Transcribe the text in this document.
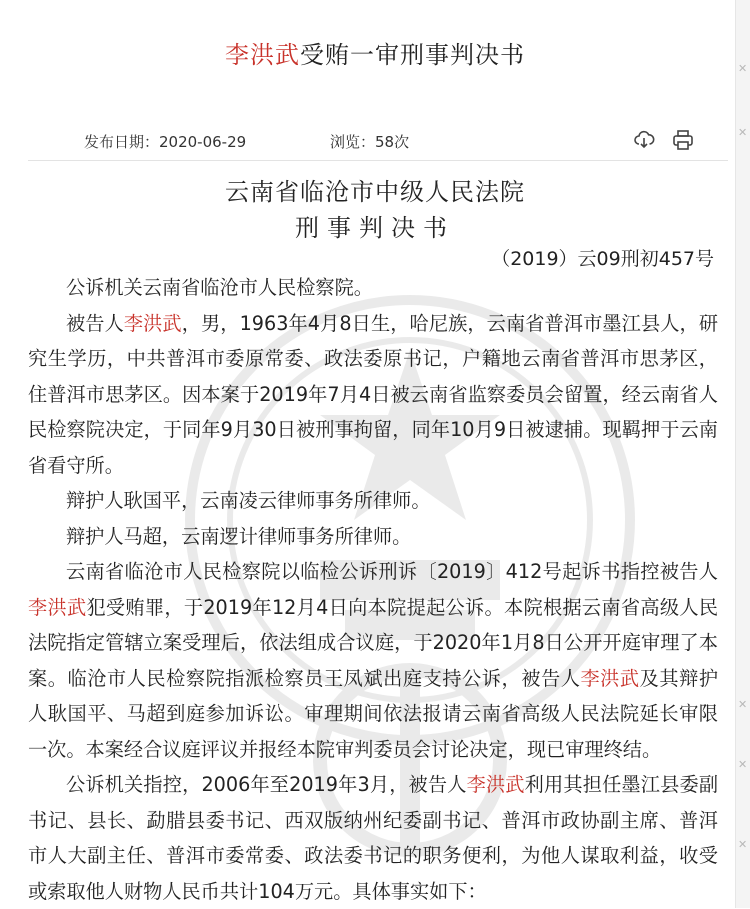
李洪武受贿一审刑事判决书	✕
✕
✕
✕
✕
发布日期：2020-06-29	浏览：58次

云南省临沧市中级人民法院
刑事判决书
（2019）云09刑初457号

公诉机关云南省临沧市人民检察院。

被告人李洪武，男，1963年4月8日生，哈尼族，云南省普洱市墨江县人，研究生学历，中共普洱市委原常委、政法委原书记，户籍地云南省普洱市思茅区，住普洱市思茅区。因本案于2019年7月4日被云南省监察委员会留置，经云南省人民检察院决定，于同年9月30日被刑事拘留，同年10月9日被逮捕。现羁押于云南省看守所。

辩护人耿国平，云南凌云律师事务所律师。

辩护人马超，云南逻计律师事务所律师。

云南省临沧市人民检察院以临检公诉刑诉〔2019〕412号起诉书指控被告人李洪武犯受贿罪，于2019年12月4日向本院提起公诉。本院根据云南省高级人民法院指定管辖立案受理后，依法组成合议庭，于2020年1月8日公开开庭审理了本案。临沧市人民检察院指派检察员王凤斌出庭支持公诉，被告人李洪武及其辩护人耿国平、马超到庭参加诉讼。审理期间依法报请云南省高级人民法院延长审限一次。本案经合议庭评议并报经本院审判委员会讨论决定，现已审理终结。

公诉机关指控，2006年至2019年3月，被告人李洪武利用其担任墨江县委副书记、县长、勐腊县委书记、西双版纳州纪委副书记、普洱市政协副主席、普洱市人大副主任、普洱市委常委、政法委书记的职务便利，为他人谋取利益，收受或索取他人财物人民币共计104万元。具体事实如下：
